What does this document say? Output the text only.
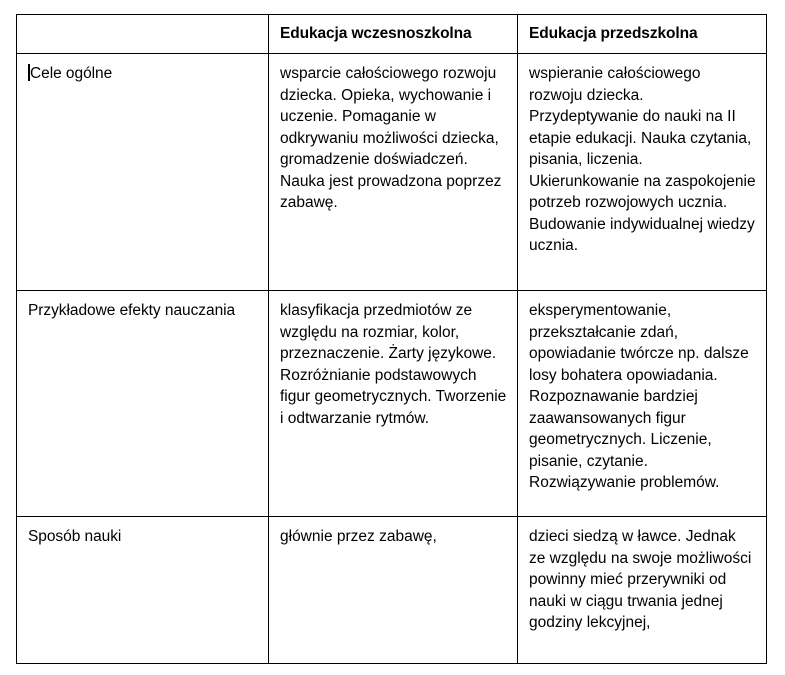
	Edukacja wczesnoszkolna	Edukacja przedszkolna
Cele ogólne	wsparcie całościowego rozwoju dziecka. Opieka, wychowanie i uczenie. Pomaganie w odkrywaniu możliwości dziecka, gromadzenie doświadczeń. Nauka jest prowadzona poprzez zabawę.	wspieranie całościowego rozwoju dziecka. Przydeptywanie do nauki na II etapie edukacji. Nauka czytania, pisania, liczenia. Ukierunkowanie na zaspokojenie potrzeb rozwojowych ucznia. Budowanie indywidualnej wiedzy ucznia.

Przykładowe efekty nauczania	klasyfikacja przedmiotów ze względu na rozmiar, kolor, przeznaczenie. Żarty językowe. Rozróżnianie podstawowych figur geometrycznych. Tworzenie i odtwarzanie rytmów.	eksperymentowanie, przekształcanie zdań, opowiadanie twórcze np. dalsze losy bohatera opowiadania. Rozpoznawanie bardziej zaawansowanych figur geometrycznych. Liczenie, pisanie, czytanie. Rozwiązywanie problemów.

Sposób nauki	głównie przez zabawę,	dzieci siedzą w ławce. Jednak ze względu na swoje możliwości powinny mieć przerywniki od nauki w ciągu trwania jednej godziny lekcyjnej,
